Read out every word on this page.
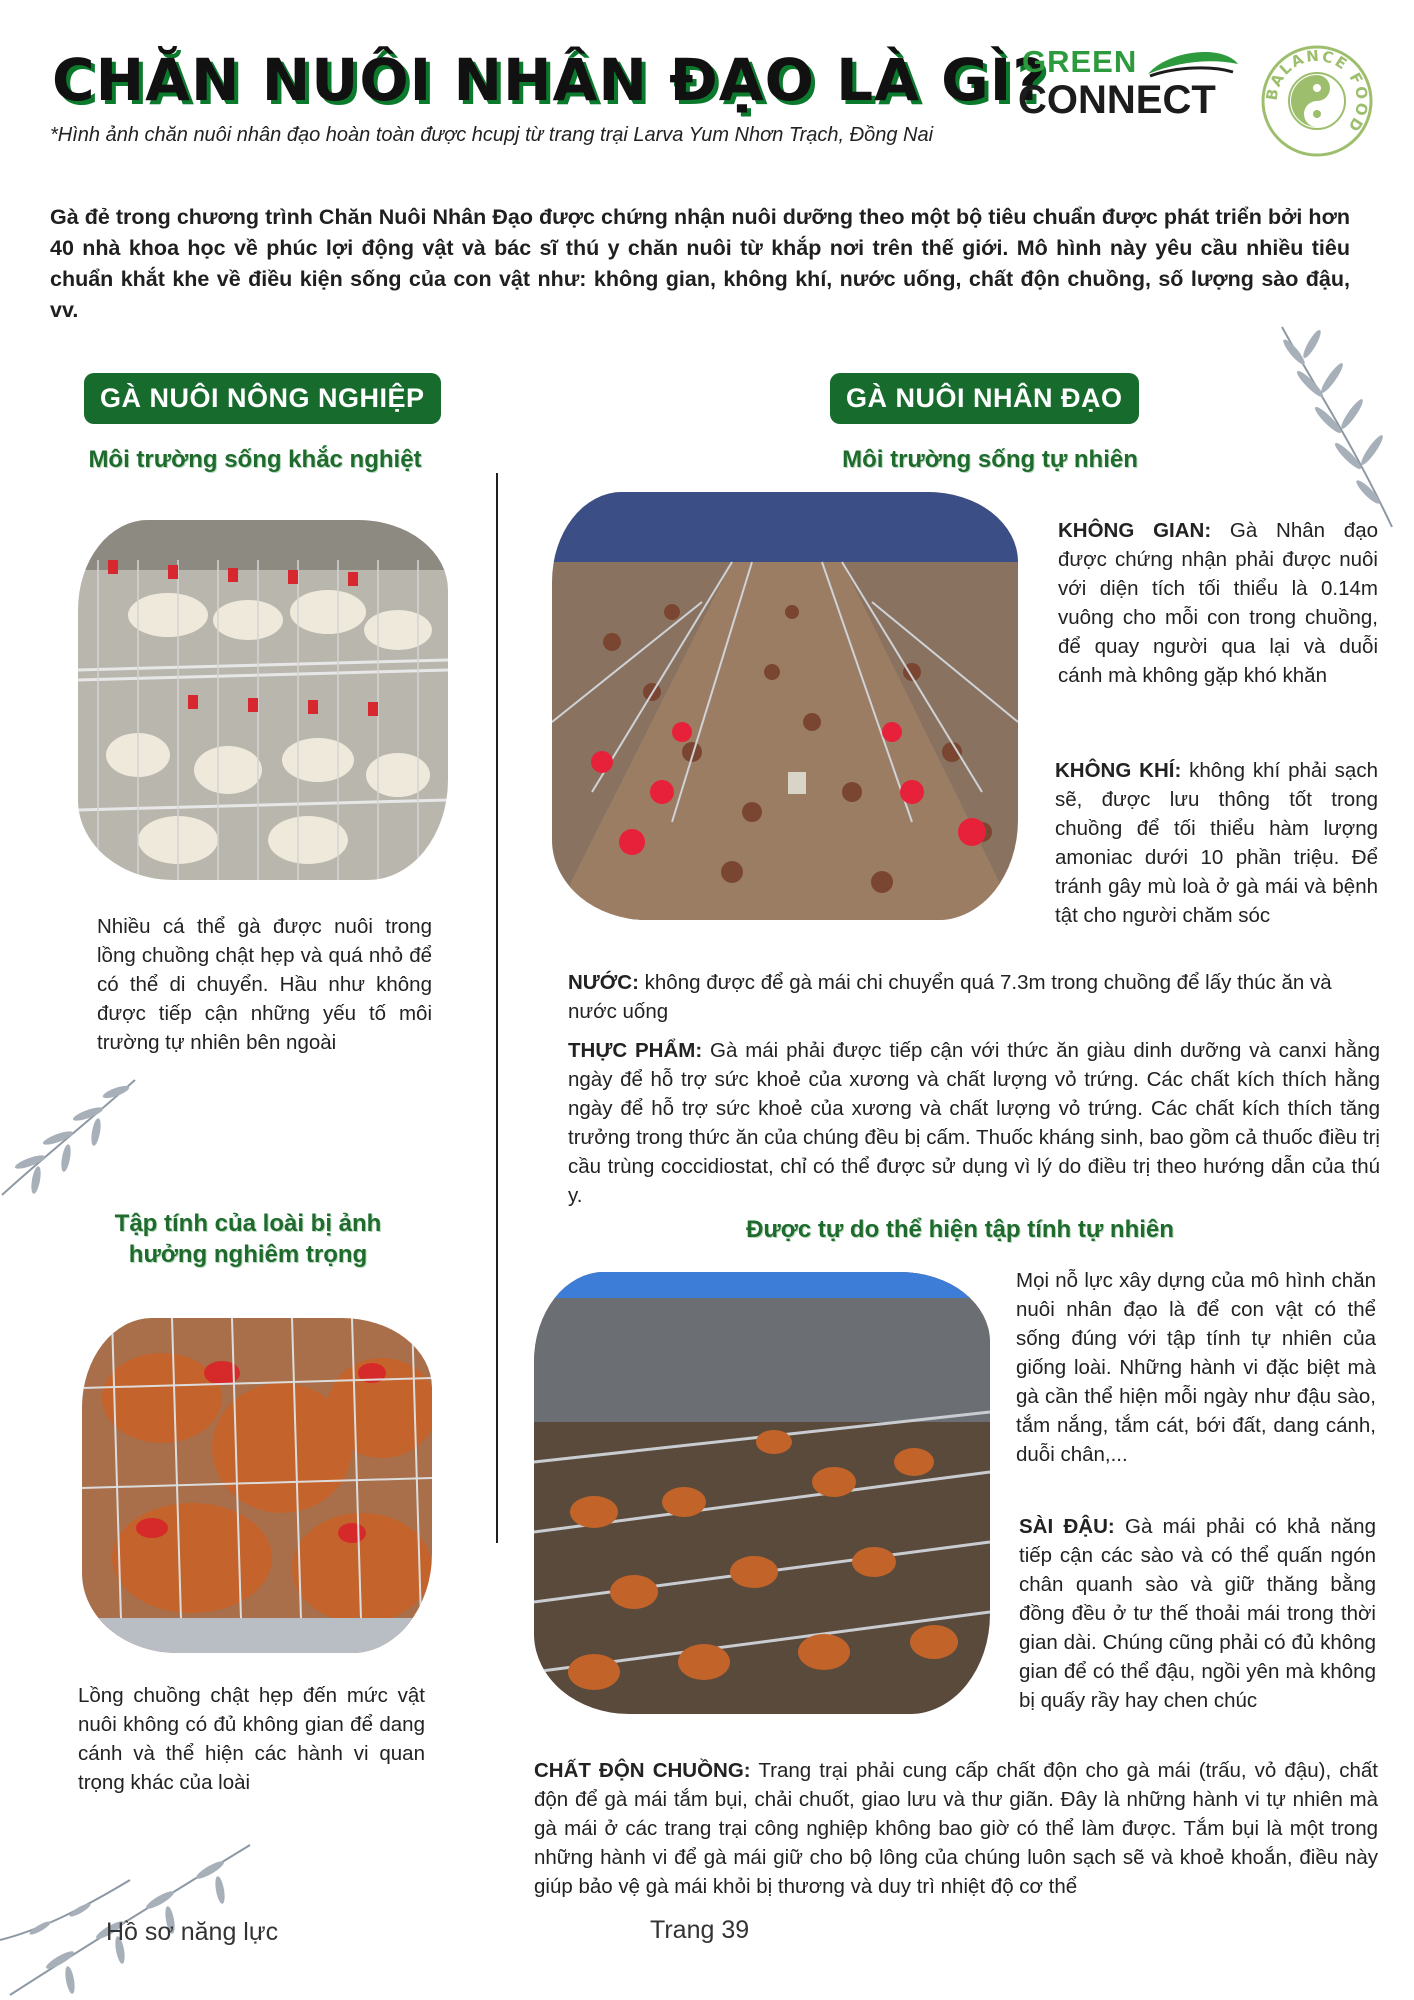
CHĂN NUÔI NHÂN ĐẠO LÀ GÌ?
*Hình ảnh chăn nuôi nhân đạo hoàn toàn được hcupj từ trang trại Larva Yum Nhơn Trạch, Đồng Nai
GREEN
CONNECT	BALANCE FOOD
Gà đẻ trong chương trình Chăn Nuôi Nhân Đạo được chứng nhận nuôi dưỡng theo một bộ tiêu chuẩn được phát triển bởi hơn 40 nhà khoa học về phúc lợi động vật và bác sĩ thú y chăn nuôi từ khắp nơi trên thế giới. Mô hình này yêu cầu nhiều tiêu chuẩn khắt khe về điều kiện sống của con vật như: không gian, không khí, nước uống, chất độn chuồng, số lượng sào đậu, vv.
GÀ NUÔI NÔNG NGHIỆP
Môi trường sống khắc nghiệt
Nhiều cá thể gà được nuôi trong lồng chuồng chật hẹp và quá nhỏ để có thể di chuyển. Hầu như không được tiếp cận những yếu tố môi trường tự nhiên bên ngoài
Tập tính của loài bị ảnh hưởng nghiêm trọng
Lồng chuồng chật hẹp đến mức vật nuôi không có đủ không gian để dang cánh và thể hiện các hành vi quan trọng khác của loài
GÀ NUÔI NHÂN ĐẠO
Môi trường sống tự nhiên
KHÔNG GIAN: Gà Nhân đạo được chứng nhận phải được nuôi với diện tích tối thiểu là 0.14m vuông cho mỗi con trong chuồng, để quay người qua lại và duỗi cánh mà không gặp khó khăn
KHÔNG KHÍ: không khí phải sạch sẽ, được lưu thông tốt trong chuồng để tối thiểu hàm lượng amoniac dưới 10 phần triệu. Để tránh gây mù loà ở gà mái và bệnh tật cho người chăm sóc
NƯỚC: không được để gà mái chi chuyển quá 7.3m trong chuồng để lấy thúc ăn và nước uống
THỰC PHẨM: Gà mái phải được tiếp cận với thức ăn giàu dinh dưỡng và canxi hằng ngày để hỗ trợ sức khoẻ của xương và chất lượng vỏ trứng. Các chất kích thích hằng ngày để hỗ trợ sức khoẻ của xương và chất lượng vỏ trứng. Các chất kích thích tăng trưởng trong thức ăn của chúng đều bị cấm. Thuốc kháng sinh, bao gồm cả thuốc điều trị cầu trùng coccidiostat, chỉ có thể được sử dụng vì lý do điều trị theo hướng dẫn của thú y.
Được tự do thể hiện tập tính tự nhiên
Mọi nỗ lực xây dựng của mô hình chăn nuôi nhân đạo là để con vật có thể sống đúng với tập tính tự nhiên của giống loài. Những hành vi đặc biệt mà gà cần thể hiện mỗi ngày như đậu sào, tắm nắng, tắm cát, bới đất, dang cánh, duỗi chân,...
SÀI ĐẬU: Gà mái phải có khả năng tiếp cận các sào và có thể quấn ngón chân quanh sào và giữ thăng bằng đồng đều ở tư thế thoải mái trong thời gian dài. Chúng cũng phải có đủ không gian để có thể đậu, ngồi yên mà không bị quấy rầy hay chen chúc
CHẤT ĐỘN CHUỒNG: Trang trại phải cung cấp chất độn cho gà mái (trấu, vỏ đậu), chất độn để gà mái tắm bụi, chải chuốt, giao lưu và thư giãn. Đây là những hành vi tự nhiên mà gà mái ở các trang trại công nghiệp không bao giờ có thể làm được. Tắm bụi là một trong những hành vi để gà mái giữ cho bộ lông của chúng luôn sạch sẽ và khoẻ khoắn, điều này giúp bảo vệ gà mái khỏi bị thương và duy trì nhiệt độ cơ thể
Hồ sơ năng lực	Trang 39
